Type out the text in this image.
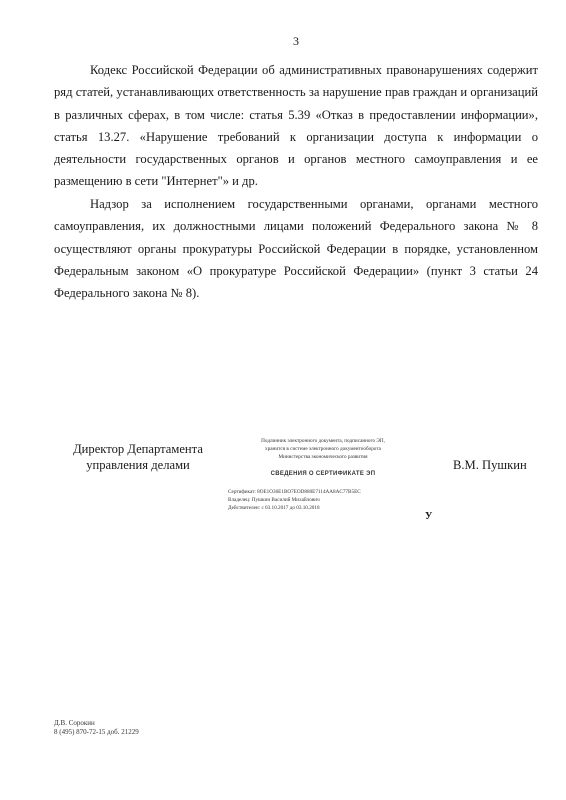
3

Кодекс Российской Федерации об административных правонарушениях содержит ряд статей, устанавливающих ответственность за нарушение прав граждан и организаций в различных сферах, в том числе: статья 5.39 «Отказ в предоставлении информации», статья 13.27. «Нарушение требований к организации доступа к информации о деятельности государственных органов и органов местного самоуправления и ее размещению в сети "Интернет"» и др.

Надзор за исполнением государственными органами, органами местного самоуправления, их должностными лицами положений Федерального закона № 8 осуществляют органы прокуратуры Российской Федерации в порядке, установленном Федеральным законом «О прокуратуре Российской Федерации» (пункт 3 статьи 24 Федерального закона № 8).

Директор Департамента
управления делами
Подлинник электронного документа, подписанного ЭП,
хранится в системе электронного документооборота
Министерства экономического развития
СВЕДЕНИЯ О СЕРТИФИКАТЕ ЭП
Сертификат: 8OE1O36E1BO7EOD880E7114AA8AC77B5EC
Владелец: Пушкин Василий Михайлович
Действителен: с 03.10.2017 до 03.10.2018
В.М. Пушкин
У
Д.В. Сорокин
8 (495) 870-72-15 доб. 21229
